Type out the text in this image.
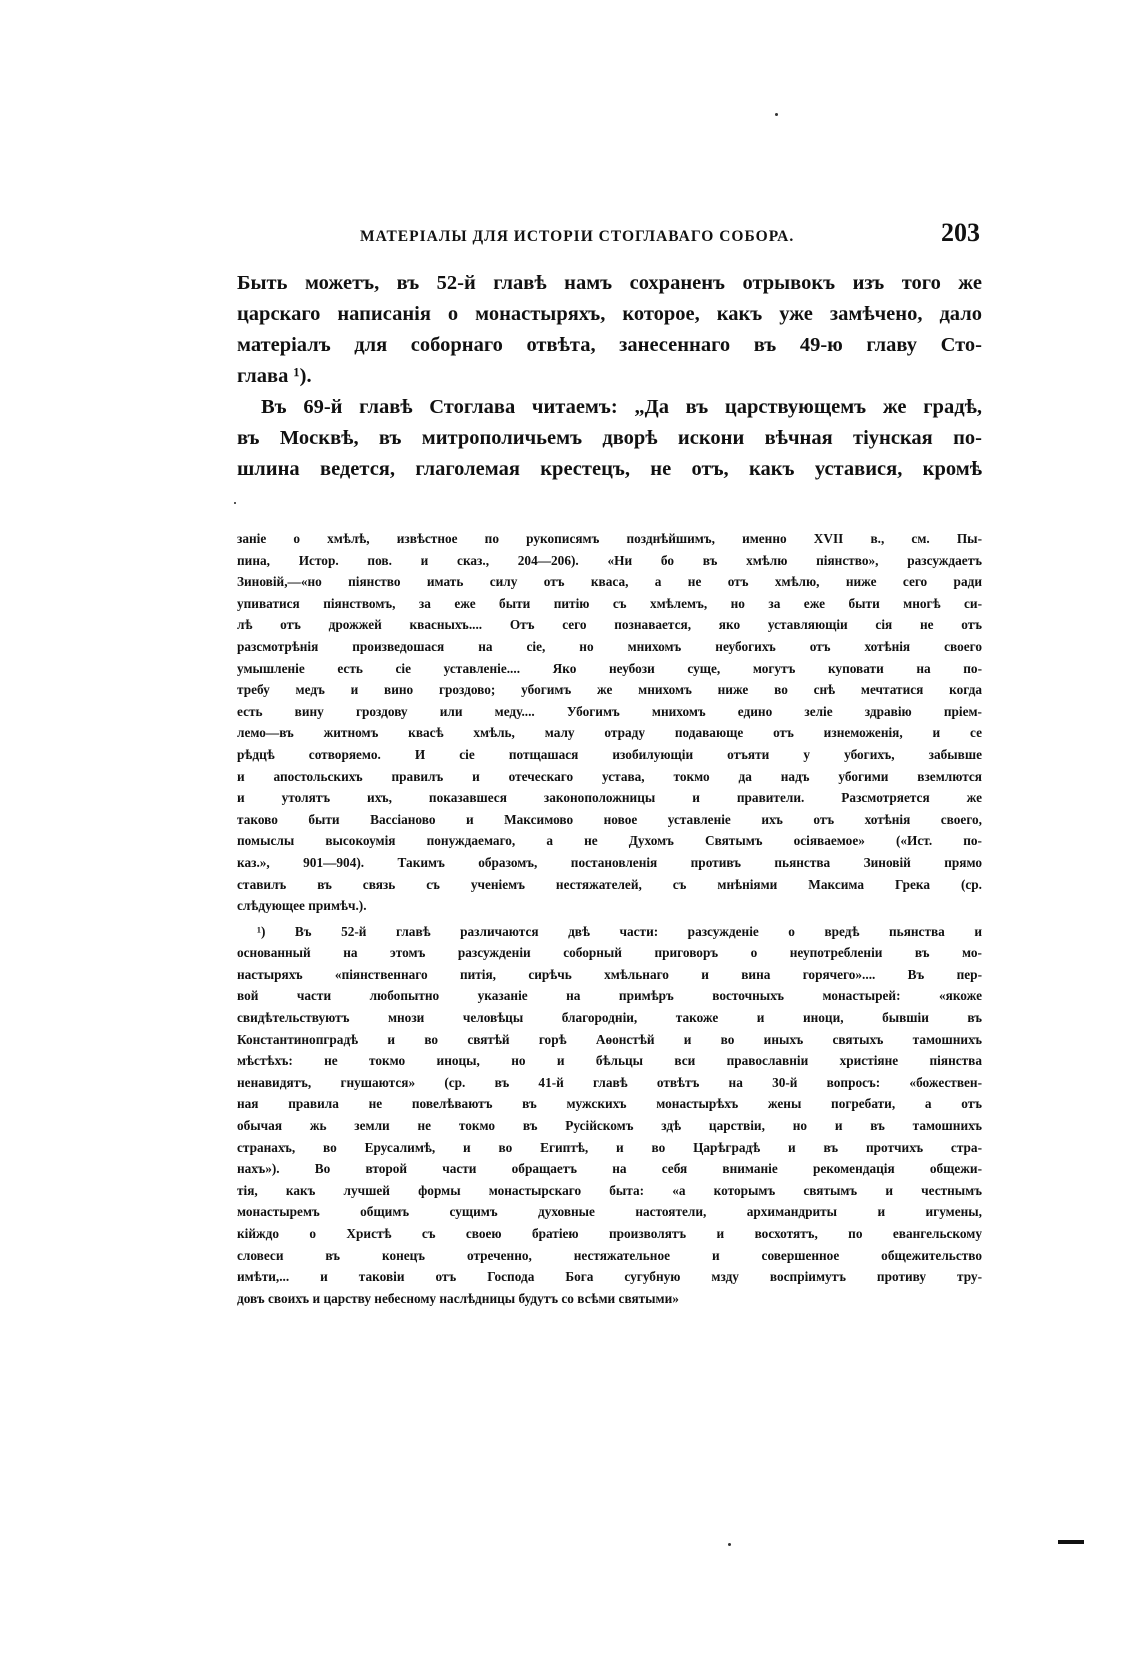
МАТЕРІАЛЫ ДЛЯ ИСТОРІИ СТОГЛАВАГО СОБОРА.	203
Быть можетъ, въ 52-й главѣ намъ сохраненъ отрывокъ изъ того же
царскаго написанія о монастыряхъ, которое, какъ уже замѣчено, дало
матеріалъ для соборнаго отвѣта, занесеннаго въ 49-ю главу Сто-
глава ¹).
Въ 69-й главѣ Стоглава читаемъ: „Да въ царствующемъ же градѣ,
въ Москвѣ, въ митрополичьемъ дворѣ искони вѣчная тіунская по-
шлина ведется, глаголемая крестецъ, не отъ, какъ уставися, кромѣ
заніе о хмѣлѣ, извѣстное по рукописямъ позднѣйшимъ, именно XVII в., см. Пы-
пина, Истор. пов. и сказ., 204—206). «Ни бо въ хмѣлю піянство», разсуждаетъ
Зиновій,—«но піянство имать силу отъ кваса, а не отъ хмѣлю, ниже сего ради
упиватися піянствомъ, за еже быти питію съ хмѣлемъ, но за еже быти многѣ си-
лѣ отъ дрожжей квасныхъ.... Отъ сего познавается, яко уставляющіи сія не отъ
разсмотрѣнія произведошася на сіе, но мнихомъ неубогихъ отъ хотѣнія своего
умышленіе есть сіе уставленіе.... Яко неубози суще, могутъ куповати на по-
требу медъ и вино гроздово; убогимъ же мнихомъ ниже во снѣ мечтатися когда
есть вину гроздову или меду.... Убогимъ мнихомъ едино зеліе здравію пріем-
лемо—въ житномъ квасѣ хмѣль, малу отраду подавающе отъ изнеможенія, и се
рѣдцѣ сотворяемо. И сіе потщашася изобилующіи отъяти у убогихъ, забывше
и апостольскихъ правилъ и отеческаго устава, токмо да надъ убогими вземлются
и утолятъ ихъ, показавшеся законоположницы и правители. Разсмотряется же
таково быти Вассіаново и Максимово новое уставленіе ихъ отъ хотѣнія своего,
помыслы высокоумія понуждаемаго, а не Духомъ Святымъ осіяваемое» («Ист. по-
каз.», 901—904). Такимъ образомъ, постановленія противъ пьянства Зиновій прямо
ставилъ въ связь съ ученіемъ нестяжателей, съ мнѣніями Максима Грека (ср.
слѣдующее примѣч.).
¹) Въ 52-й главѣ различаются двѣ части: разсужденіе о вредѣ пьянства и
основанный на этомъ разсужденіи соборный приговоръ о неупотребленіи въ мо-
настыряхъ «піянственнаго питія, сирѣчь хмѣльнаго и вина горячего».... Въ пер-
вой части любопытно указаніе на примѣръ восточныхъ монастырей: «якоже
свидѣтельствуютъ мнози человѣцы благородніи, такоже и иноци, бывшіи въ
Константинопградѣ и во святѣй горѣ Аѳонстѣй и во иныхъ святыхъ тамошнихъ
мѣстѣхъ: не токмо иноцы, но и бѣльцы вси православніи христіяне піянства
ненавидятъ, гнушаются» (ср. въ 41-й главѣ отвѣтъ на 30-й вопросъ: «божествен-
ная правила не повелѣваютъ въ мужскихъ монастырѣхъ жены погребати, а отъ
обычая жь земли не токмо въ Русійскомъ здѣ царствіи, но и въ тамошнихъ
странахъ, во Ерусалимѣ, и во Египтѣ, и во Царѣградѣ и въ протчихъ стра-
нахъ»). Во второй части обращаетъ на себя вниманіе рекомендація общежи-
тія, какъ лучшей формы монастырскаго быта: «а которымъ святымъ и честнымъ
монастыремъ общимъ сущимъ духовные настоятели, архимандриты и игумены,
кійждо о Христѣ съ своею братіею произволятъ и восхотятъ, по евангельскому
словеси въ конецъ отреченно, нестяжательное и совершенное общежительство
имѣти,... и таковіи отъ Господа Бога сугубную мзду воспріимутъ противу тру-
довъ своихъ и царству небесному наслѣдницы будутъ со всѣми святыми»
